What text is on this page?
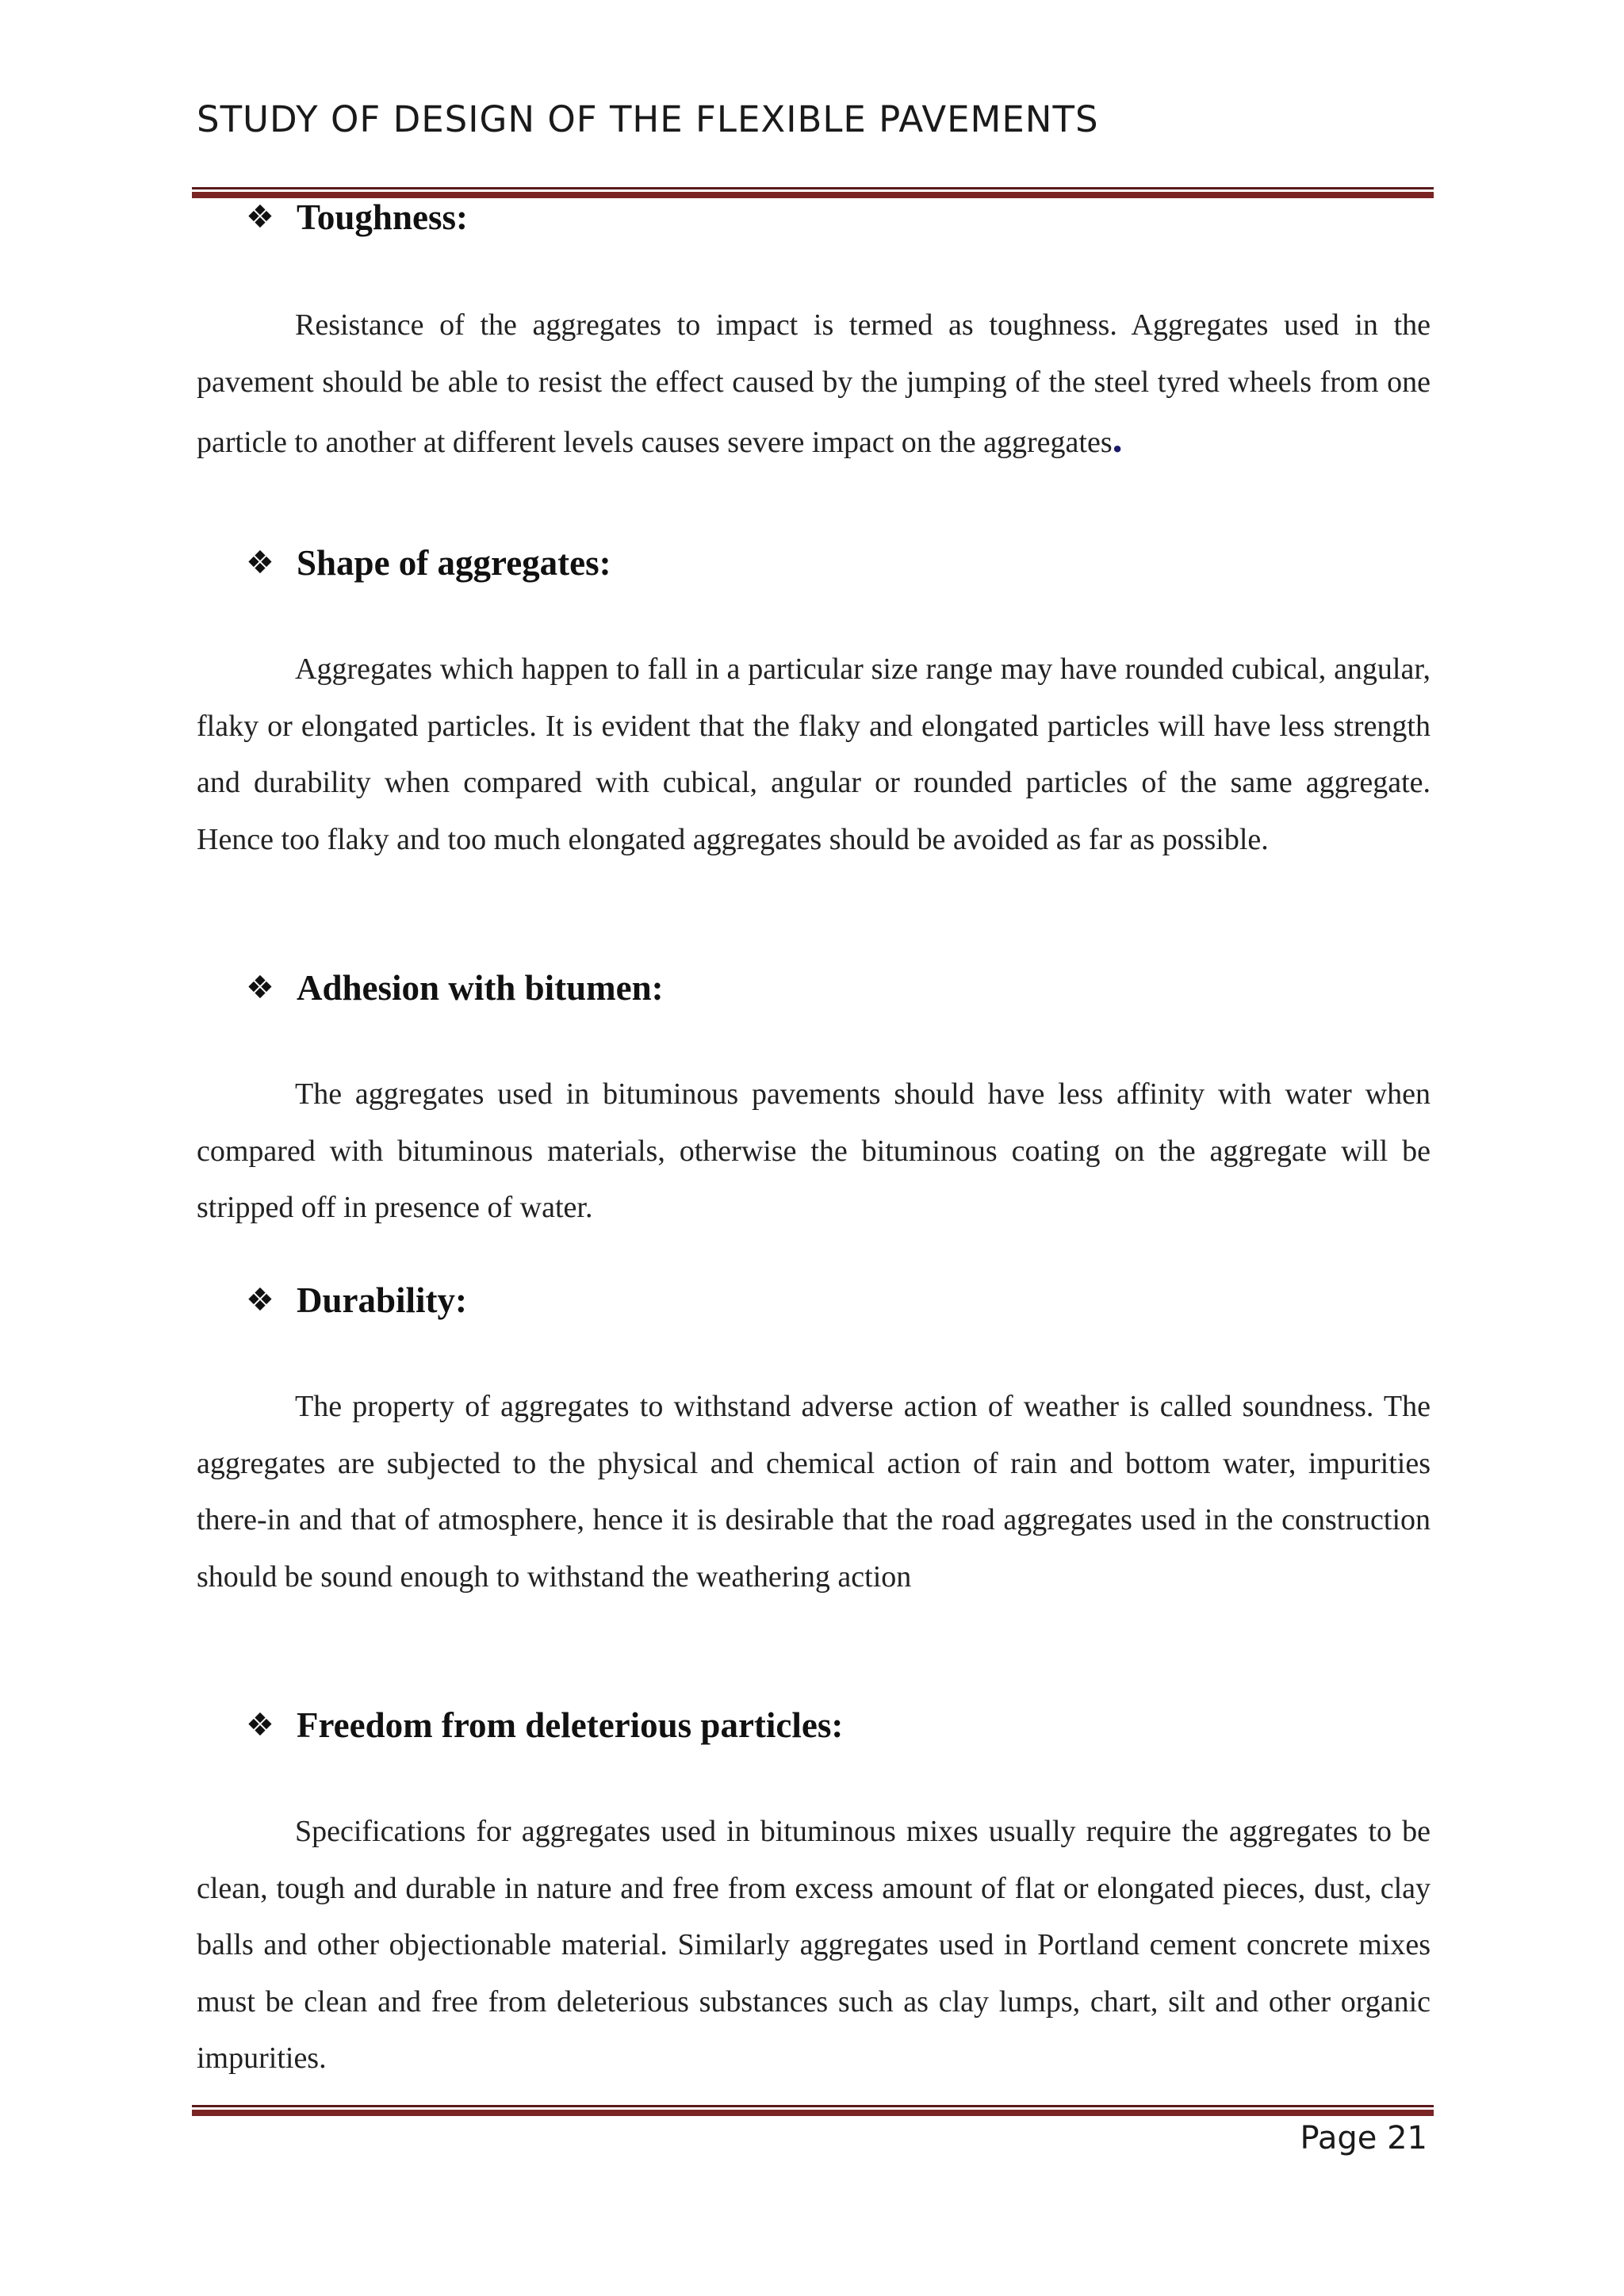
STUDY OF DESIGN OF THE FLEXIBLE PAVEMENTS
❖ Toughness:

Resistance of the aggregates to impact is termed as toughness. Aggregates used in the pavement should be able to resist the effect caused by the jumping of the steel tyred wheels from one particle to another at different levels causes severe impact on the aggregates.

❖ Shape of aggregates:

Aggregates which happen to fall in a particular size range may have rounded cubical, angular, flaky or elongated particles. It is evident that the flaky and elongated particles will have less strength and durability when compared with cubical, angular or rounded particles of the same aggregate. Hence too flaky and too much elongated aggregates should be avoided as far as possible.

❖ Adhesion with bitumen:

The aggregates used in bituminous pavements should have less affinity with water when compared with bituminous materials, otherwise the bituminous coating on the aggregate will be stripped off in presence of water.

❖ Durability:

The property of aggregates to withstand adverse action of weather is called soundness. The aggregates are subjected to the physical and chemical action of rain and bottom water, impurities there-in and that of atmosphere, hence it is desirable that the road aggregates used in the construction should be sound enough to withstand the weathering action

❖ Freedom from deleterious particles:

Specifications for aggregates used in bituminous mixes usually require the aggregates to be clean, tough and durable in nature and free from excess amount of flat or elongated pieces, dust, clay balls and other objectionable material. Similarly aggregates used in Portland cement concrete mixes must be clean and free from deleterious substances such as clay lumps, chart, silt and other organic impurities.

Page 21
